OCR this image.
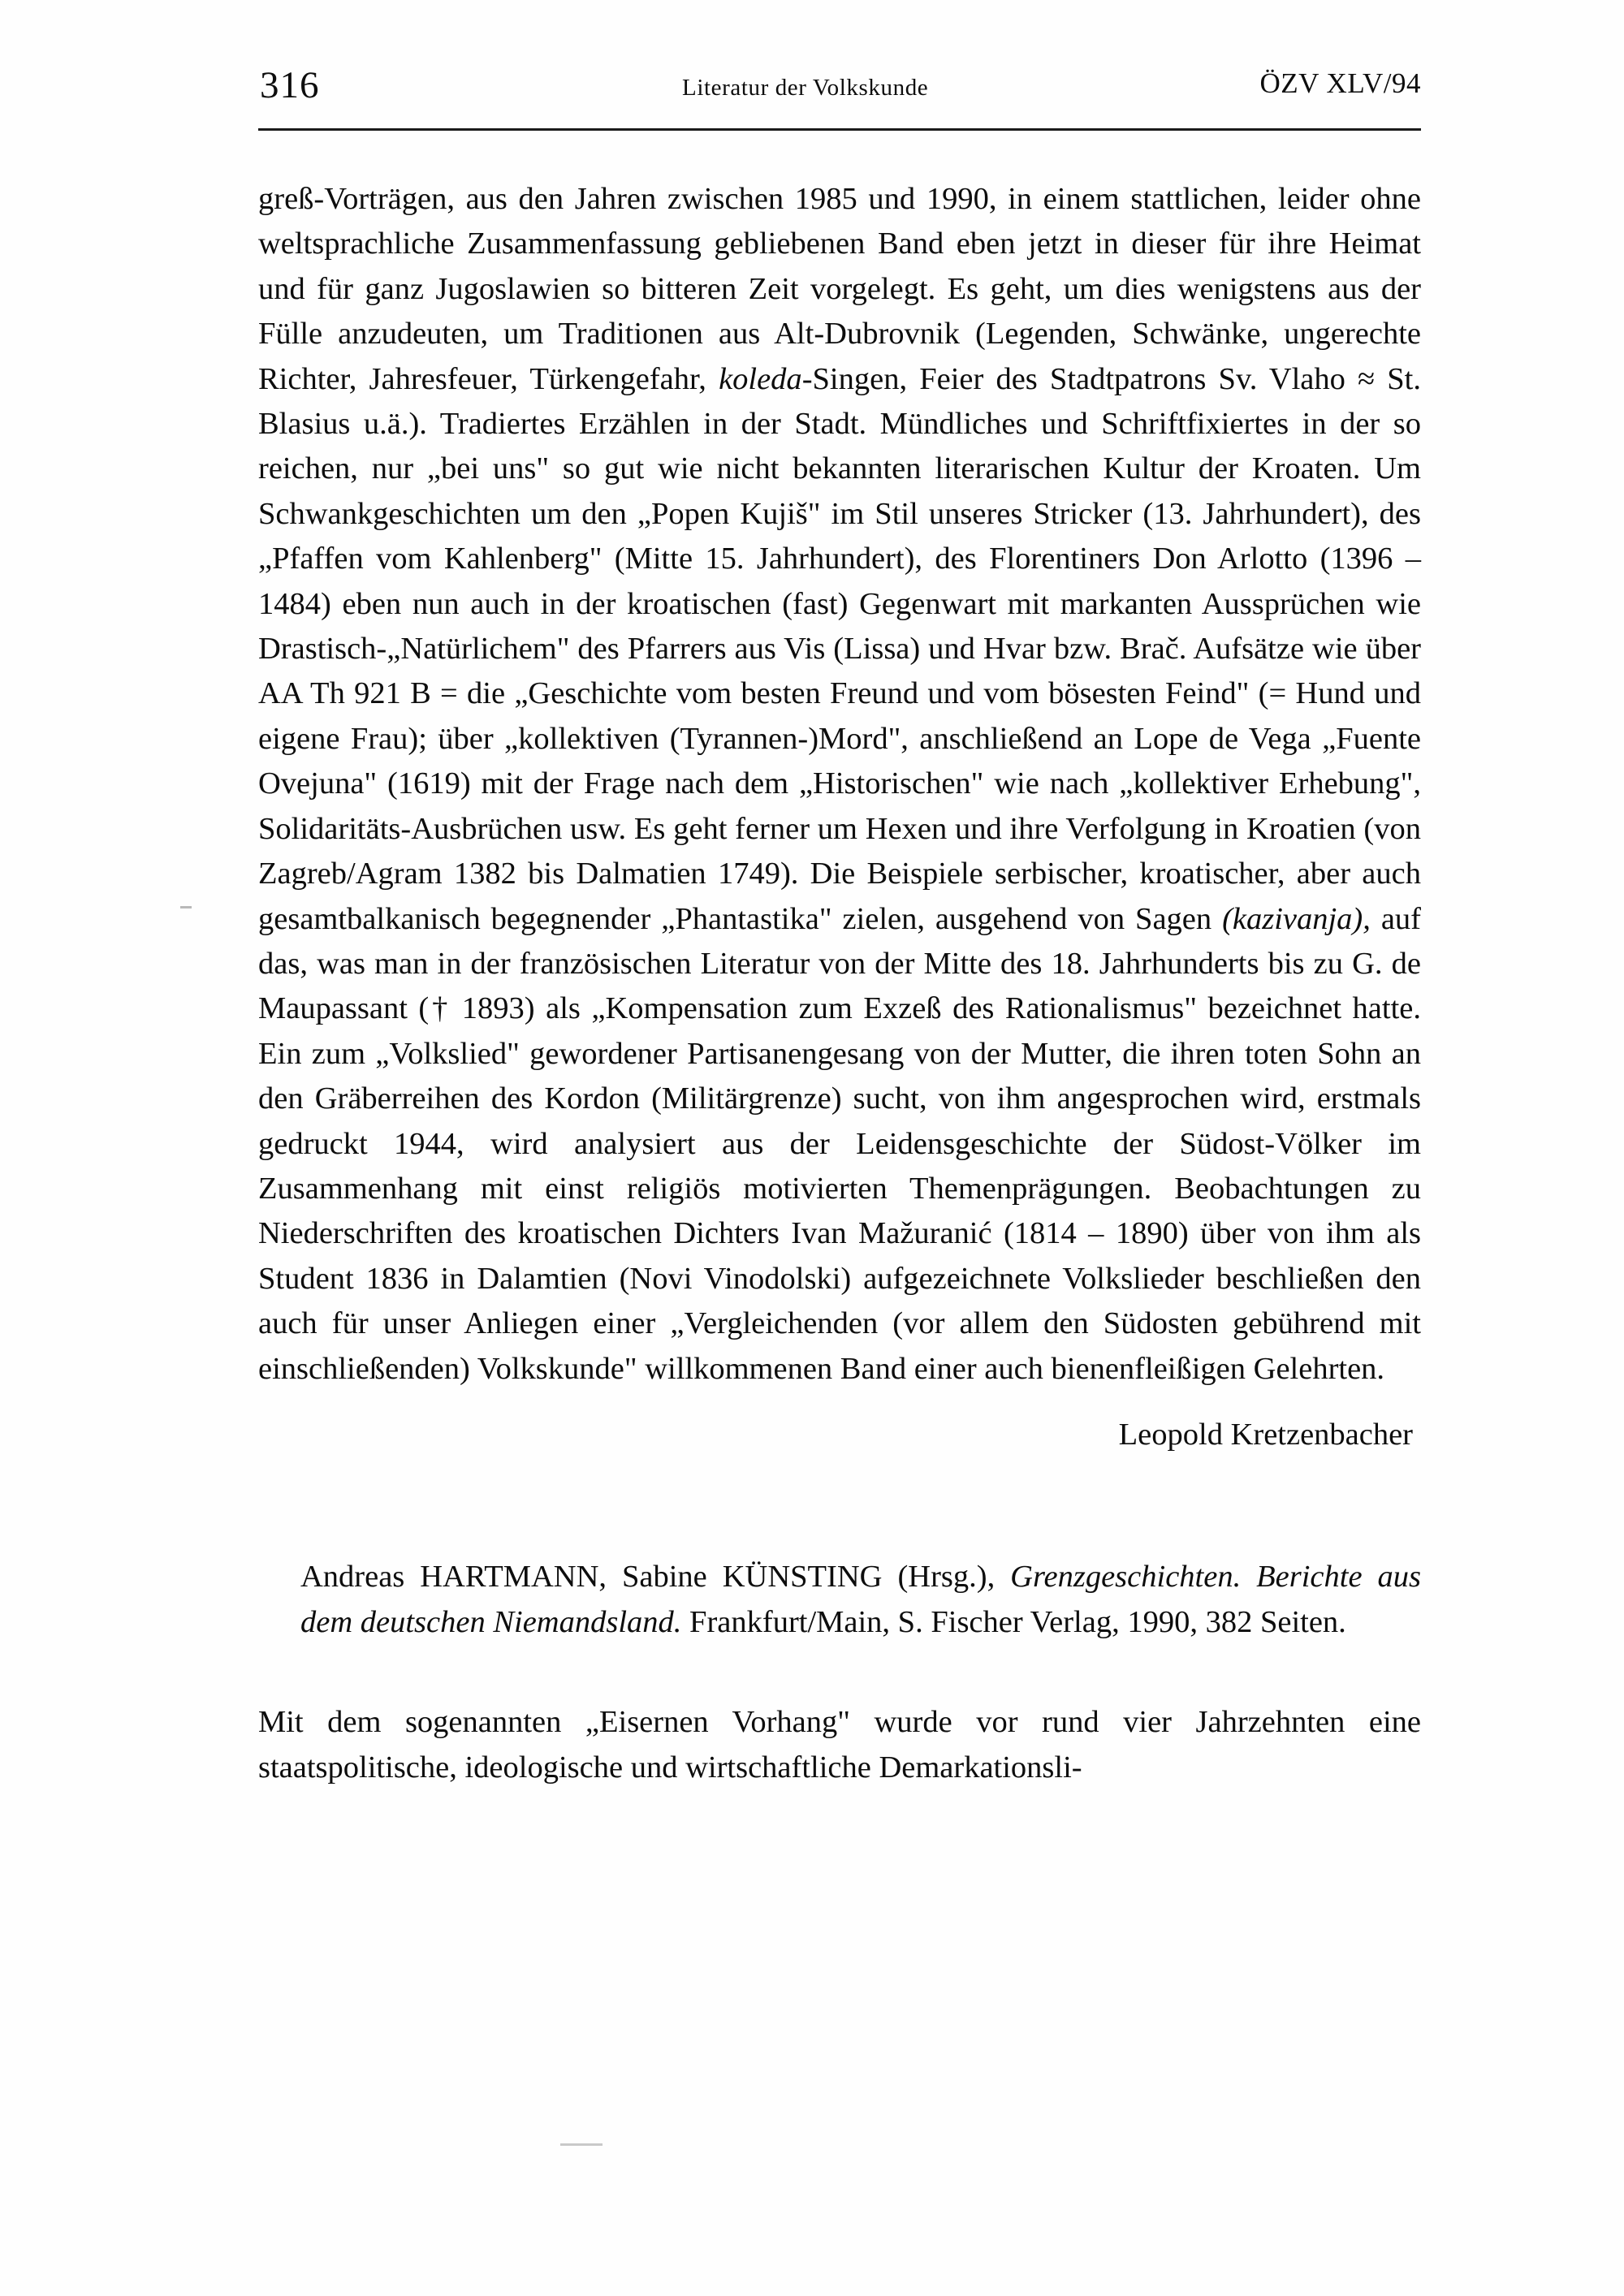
316	Literatur der Volkskunde	ÖZV XLV/94

greß-Vorträgen, aus den Jahren zwischen 1985 und 1990, in einem stattlichen, leider ohne weltsprachliche Zusammenfassung gebliebenen Band eben jetzt in dieser für ihre Heimat und für ganz Jugoslawien so bitteren Zeit vorgelegt. Es geht, um dies wenigstens aus der Fülle anzudeuten, um Traditionen aus Alt-Dubrovnik (Legenden, Schwänke, ungerechte Richter, Jahresfeuer, Türkengefahr, koleda-Singen, Feier des Stadtpatrons Sv. Vlaho ≈ St. Blasius u.ä.). Tradiertes Erzählen in der Stadt. Mündliches und Schriftfixiertes in der so reichen, nur „bei uns" so gut wie nicht bekannten literarischen Kultur der Kroaten. Um Schwankgeschichten um den „Popen Kujiš" im Stil unseres Stricker (13. Jahrhundert), des „Pfaffen vom Kahlenberg" (Mitte 15. Jahrhundert), des Florentiners Don Arlotto (1396 – 1484) eben nun auch in der kroatischen (fast) Gegenwart mit markanten Aussprüchen wie Drastisch-„Natürlichem" des Pfarrers aus Vis (Lissa) und Hvar bzw. Brač. Aufsätze wie über AA Th 921 B = die „Geschichte vom besten Freund und vom bösesten Feind" (= Hund und eigene Frau); über „kollektiven (Tyrannen-)Mord", anschließend an Lope de Vega „Fuente Ovejuna" (1619) mit der Frage nach dem „Historischen" wie nach „kollektiver Erhebung", Solidaritäts-Ausbrüchen usw. Es geht ferner um Hexen und ihre Verfolgung in Kroatien (von Zagreb/Agram 1382 bis Dalmatien 1749). Die Beispiele serbischer, kroatischer, aber auch gesamtbalkanisch begegnender „Phantastika" zielen, ausgehend von Sagen (kazivanja), auf das, was man in der französischen Literatur von der Mitte des 18. Jahrhunderts bis zu G. de Maupassant († 1893) als „Kompensation zum Exzeß des Rationalismus" bezeichnet hatte. Ein zum „Volkslied" gewordener Partisanengesang von der Mutter, die ihren toten Sohn an den Gräberreihen des Kordon (Militärgrenze) sucht, von ihm angesprochen wird, erstmals gedruckt 1944, wird analysiert aus der Leidensgeschichte der Südost-Völker im Zusammenhang mit einst religiös motivierten Themenprägungen. Beobachtungen zu Niederschriften des kroatischen Dichters Ivan Mažuranić (1814 – 1890) über von ihm als Student 1836 in Dalamtien (Novi Vinodolski) aufgezeichnete Volkslieder beschließen den auch für unser Anliegen einer „Vergleichenden (vor allem den Südosten gebührend mit einschließenden) Volkskunde" willkommenen Band einer auch bienenfleißigen Gelehrten.

Leopold Kretzenbacher

Andreas HARTMANN, Sabine KÜNSTING (Hrsg.), Grenzgeschichten. Berichte aus dem deutschen Niemandsland. Frankfurt/Main, S. Fischer Verlag, 1990, 382 Seiten.

Mit dem sogenannten „Eisernen Vorhang" wurde vor rund vier Jahrzehnten eine staatspolitische, ideologische und wirtschaftliche Demarkationsli-
